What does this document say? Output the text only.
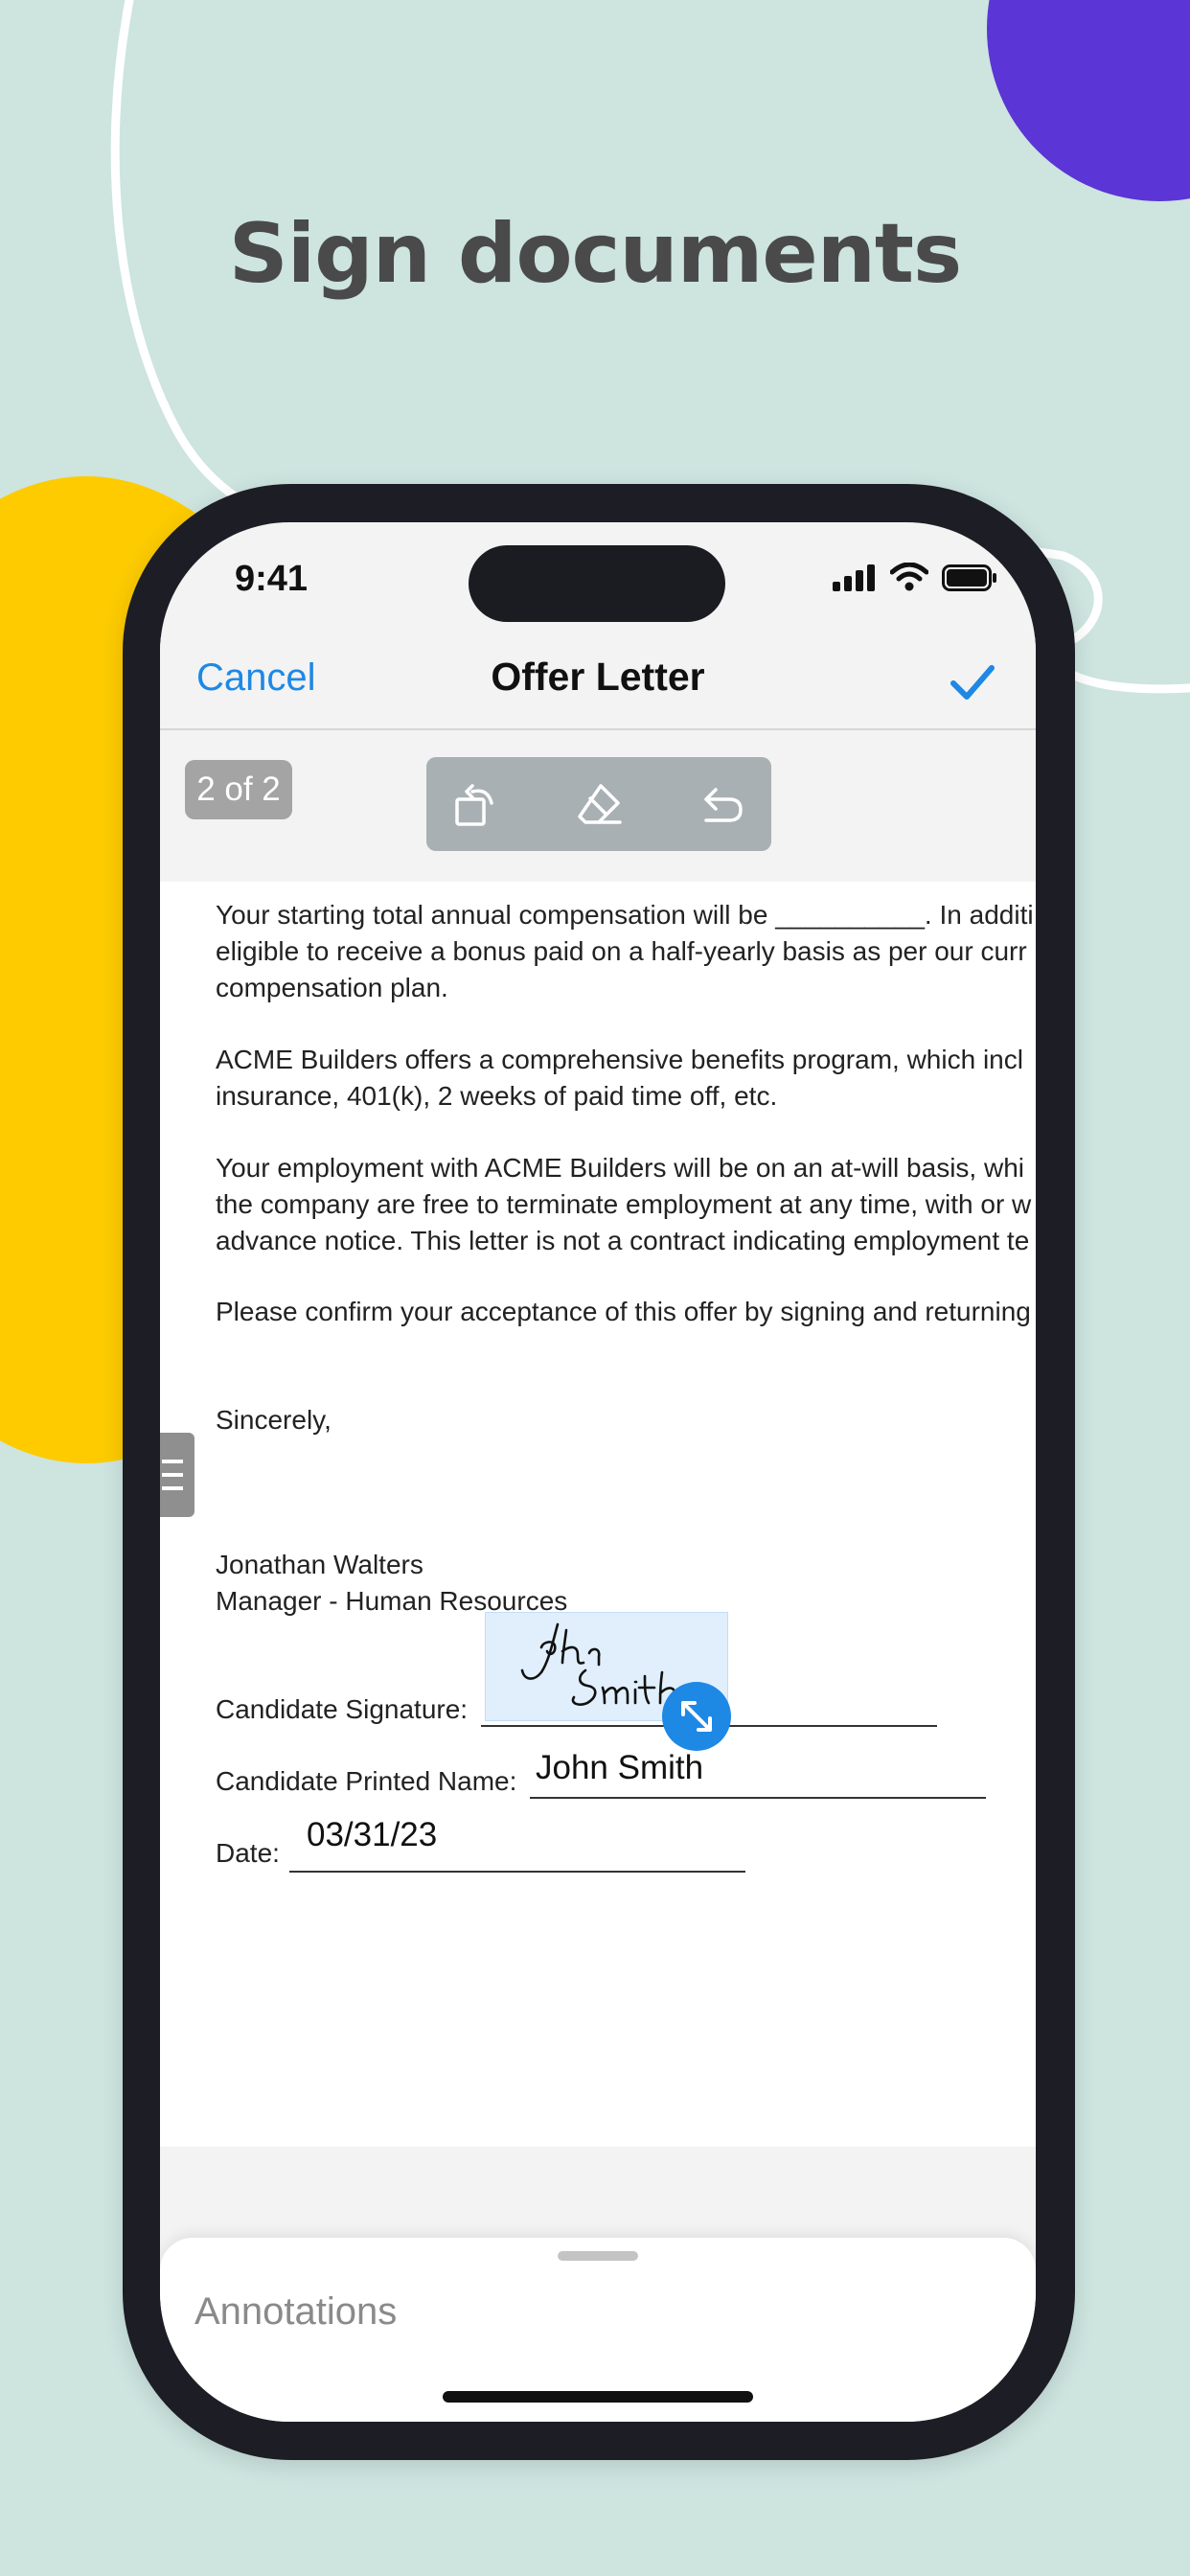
Sign documents
9:41
Cancel	Offer Letter
2 of 2
Your starting total annual compensation will be __________. In additi
eligible to receive a bonus paid on a half-yearly basis as per our curr
compensation plan.
ACME Builders offers a comprehensive benefits program, which incl
insurance, 401(k), 2 weeks of paid time off, etc.
Your employment with ACME Builders will be on an at-will basis, whi
the company are free to terminate employment at any time, with or w
advance notice. This letter is not a contract indicating employment te
Please confirm your acceptance of this offer by signing and returning
Sincerely,
Jonathan Walters
Manager - Human Resources
Candidate Signature:
Candidate Printed Name: John Smith
Date: 03/31/23
Annotations
